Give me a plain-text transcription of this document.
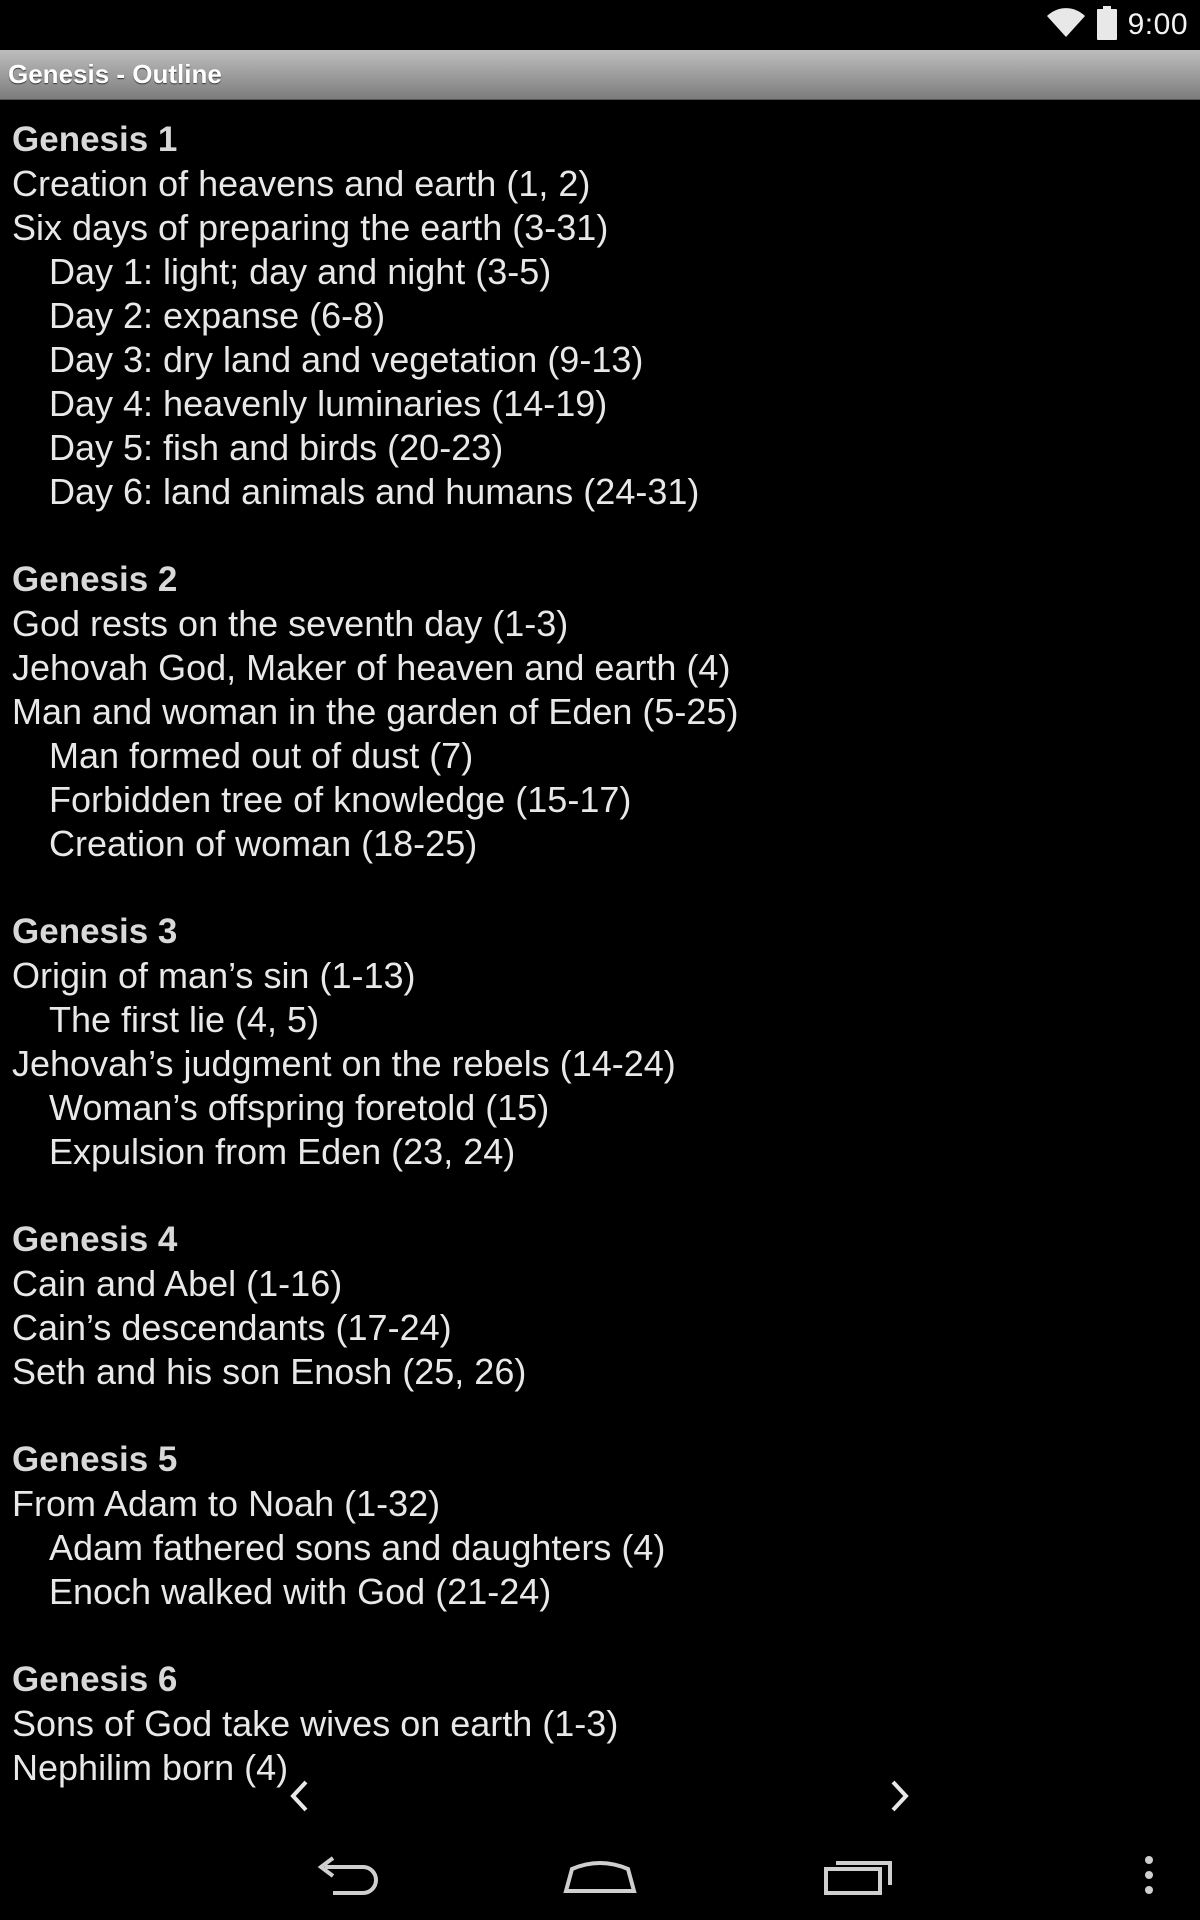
9:00
Genesis - Outline
Genesis 1
Creation of heavens and earth (1, 2)
Six days of preparing the earth (3-31)
Day 1: light; day and night (3-5)
Day 2: expanse (6-8)
Day 3: dry land and vegetation (9-13)
Day 4: heavenly luminaries (14-19)
Day 5: fish and birds (20-23)
Day 6: land animals and humans (24-31)
Genesis 2
God rests on the seventh day (1-3)
Jehovah God, Maker of heaven and earth (4)
Man and woman in the garden of Eden (5-25)
Man formed out of dust (7)
Forbidden tree of knowledge (15-17)
Creation of woman (18-25)
Genesis 3
Origin of man’s sin (1-13)
The first lie (4, 5)
Jehovah’s judgment on the rebels (14-24)
Woman’s offspring foretold (15)
Expulsion from Eden (23, 24)
Genesis 4
Cain and Abel (1-16)
Cain’s descendants (17-24)
Seth and his son Enosh (25, 26)
Genesis 5
From Adam to Noah (1-32)
Adam fathered sons and daughters (4)
Enoch walked with God (21-24)
Genesis 6
Sons of God take wives on earth (1-3)
Nephilim born (4)
